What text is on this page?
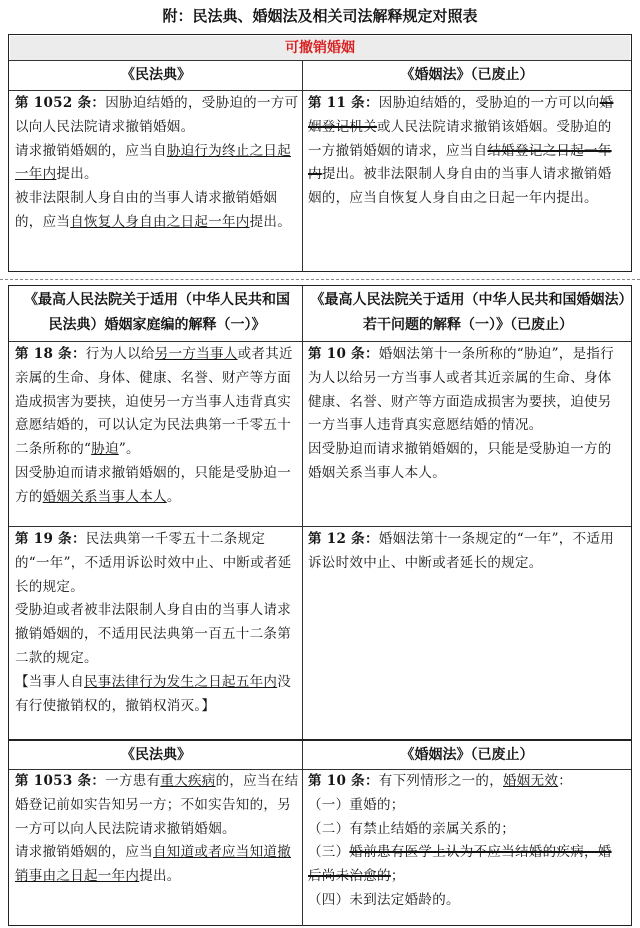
附：民法典、婚姻法及相关司法解释规定对照表
可撤销婚姻
《民法典》	《婚姻法》（已废止）

第 1052 条：因胁迫结婚的，受胁迫的一方可以向人民法院请求撤销婚姻。

请求撤销婚姻的，应当自胁迫行为终止之日起一年内提出。

被非法限制人身自由的当事人请求撤销婚姻的，应当自恢复人身自由之日起一年内提出。

第 11 条：因胁迫结婚的，受胁迫的一方可以向婚姻登记机关或人民法院请求撤销该婚姻。受胁迫的一方撤销婚姻的请求，应当自结婚登记之日起一年内提出。被非法限制人身自由的当事人请求撤销婚姻的，应当自恢复人身自由之日起一年内提出。

《最高人民法院关于适用（中华人民共和国民法典）婚姻家庭编的解释（一）》
《最高人民法院关于适用（中华人民共和国婚姻法）若干问题的解释（一）》（已废止）

第 18 条：行为人以给另一方当事人或者其近亲属的生命、身体、健康、名誉、财产等方面造成损害为要挟，迫使另一方当事人违背真实意愿结婚的，可以认定为民法典第一千零五十二条所称的“胁迫”。

因受胁迫而请求撤销婚姻的，只能是受胁迫一方的婚姻关系当事人本人。

第 10 条：婚姻法第十一条所称的“胁迫”，是指行为人以给另一方当事人或者其近亲属的生命、身体健康、名誉、财产等方面造成损害为要挟，迫使另一方当事人违背真实意愿结婚的情况。

因受胁迫而请求撤销婚姻的，只能是受胁迫一方的婚姻关系当事人本人。

第 19 条：民法典第一千零五十二条规定的“一年”，不适用诉讼时效中止、中断或者延长的规定。

受胁迫或者被非法限制人身自由的当事人请求撤销婚姻的，不适用民法典第一百五十二条第二款的规定。

【当事人自民事法律行为发生之日起五年内没有行使撤销权的，撤销权消灭。】

第 12 条：婚姻法第十一条规定的“一年”，不适用诉讼时效中止、中断或者延长的规定。

《民法典》	《婚姻法》（已废止）

第 1053 条：一方患有重大疾病的，应当在结婚登记前如实告知另一方；不如实告知的，另一方可以向人民法院请求撤销婚姻。

请求撤销婚姻的，应当自知道或者应当知道撤销事由之日起一年内提出。

第 10 条：有下列情形之一的，婚姻无效：

（一）重婚的；

（二）有禁止结婚的亲属关系的；

（三）婚前患有医学上认为不应当结婚的疾病，婚后尚未治愈的；

（四）未到法定婚龄的。
